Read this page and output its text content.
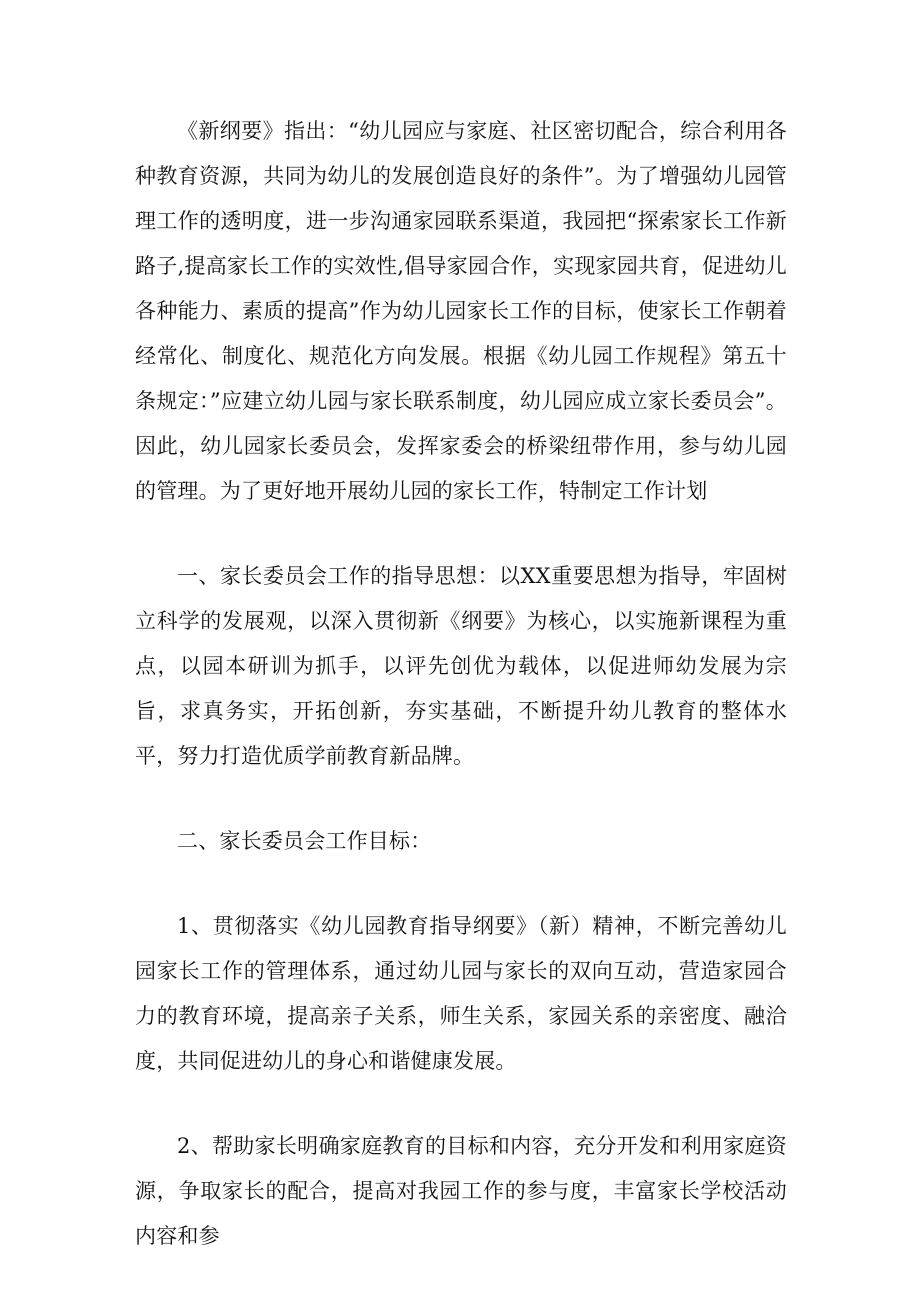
《新纲要》指出：“幼儿园应与家庭、社区密切配合，综合利用各种教育资源，共同为幼儿的发展创造良好的条件”。为了增强幼儿园管理工作的透明度，进一步沟通家园联系渠道，我园把“探索家长工作新路子,提高家长工作的实效性,倡导家园合作，实现家园共育，促进幼儿各种能力、素质的提高”作为幼儿园家长工作的目标，使家长工作朝着经常化、制度化、规范化方向发展。根据《幼儿园工作规程》第五十条规定：”应建立幼儿园与家长联系制度，幼儿园应成立家长委员会”。因此，幼儿园家长委员会，发挥家委会的桥梁纽带作用，参与幼儿园的管理。为了更好地开展幼儿园的家长工作，特制定工作计划

一、家长委员会工作的指导思想：以XX重要思想为指导，牢固树立科学的发展观，以深入贯彻新《纲要》为核心，以实施新课程为重点，以园本研训为抓手，以评先创优为载体，以促进师幼发展为宗旨，求真务实，开拓创新，夯实基础，不断提升幼儿教育的整体水平，努力打造优质学前教育新品牌。

二、家长委员会工作目标：

1、贯彻落实《幼儿园教育指导纲要》（新）精神，不断完善幼儿园家长工作的管理体系，通过幼儿园与家长的双向互动，营造家园合力的教育环境，提高亲子关系，师生关系，家园关系的亲密度、融洽度，共同促进幼儿的身心和谐健康发展。

2、帮助家长明确家庭教育的目标和内容，充分开发和利用家庭资源，争取家长的配合，提高对我园工作的参与度，丰富家长学校活动内容和参
